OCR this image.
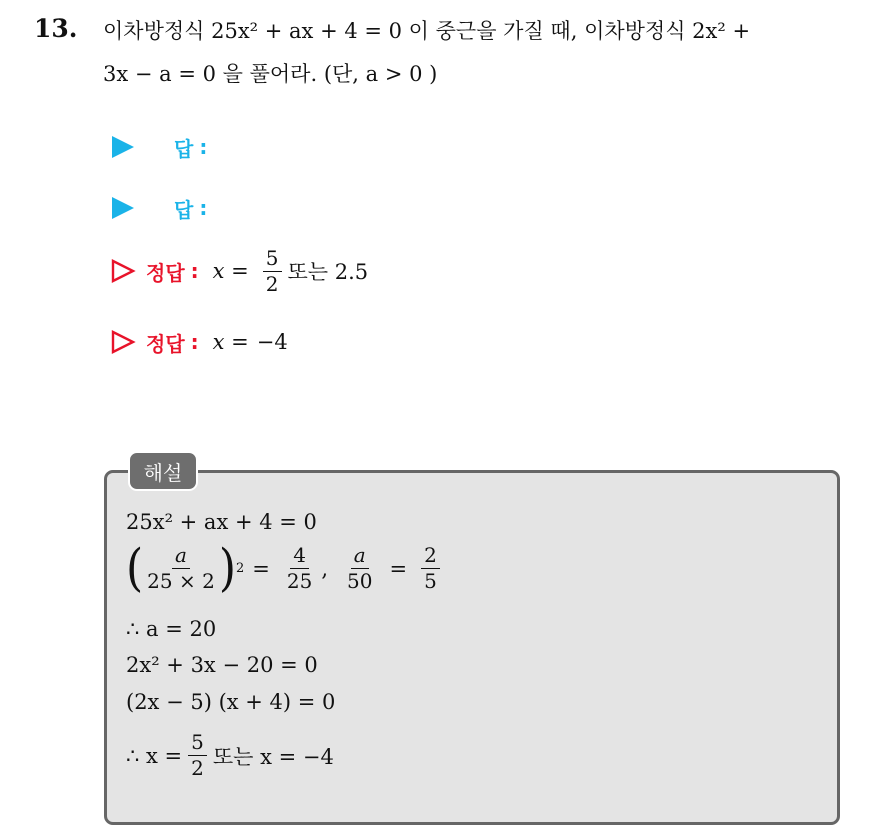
13. 이차방정식 25x² + ax + 4 = 0 이 중근을 가질 때, 이차방정식 2x² +
3x − a = 0 을 풀어라. (단, a > 0 )
답 :
답 :
정답 : $x = \frac{5}{2}$ 또는 2.5
정답 : x = −4
해설
25x² + ax + 4 = 0
( $\frac{a}{25 \times 2}$ ) $2 = \frac{4}{25}$ , $\frac{a}{50} = \frac{2}{5}$
∴ a = 20
2x² + 3x − 20 = 0
(2x − 5) (x + 4) = 0
∴ $x = \frac{5}{2}$ 또는 x = −4
